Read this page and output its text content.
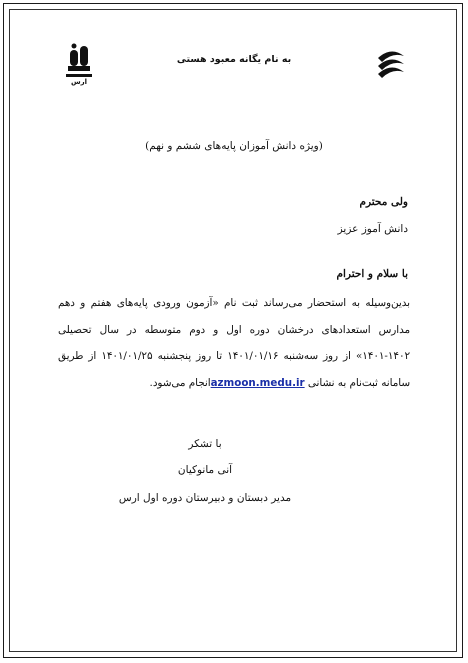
ارس
به نام یگانه معبود هستی
(ویژه دانش آموزان پایه‌های ششم و نهم)
ولی محترم
دانش آموز عزیز
با سلام و احترام
بدین‌وسیله به استحضار می‌رساند ثبت نام «آزمون ورودی پایه‌های هفتم و دهم مدارس استعدادهای درخشان دوره اول و دوم متوسطه در سال تحصیلی ۱۴۰۲-۱۴۰۱» از روز سه‌شنبه ۱۴۰۱/۰۱/۱۶ تا روز پنجشنبه ۱۴۰۱/۰۱/۲۵ از طریق سامانه ثبت‌نام به نشانی azmoon.medu.irانجام می‌شود.
با تشکر
آنی مانوکیان
مدیر دبستان و دبیرستان دوره اول ارس
